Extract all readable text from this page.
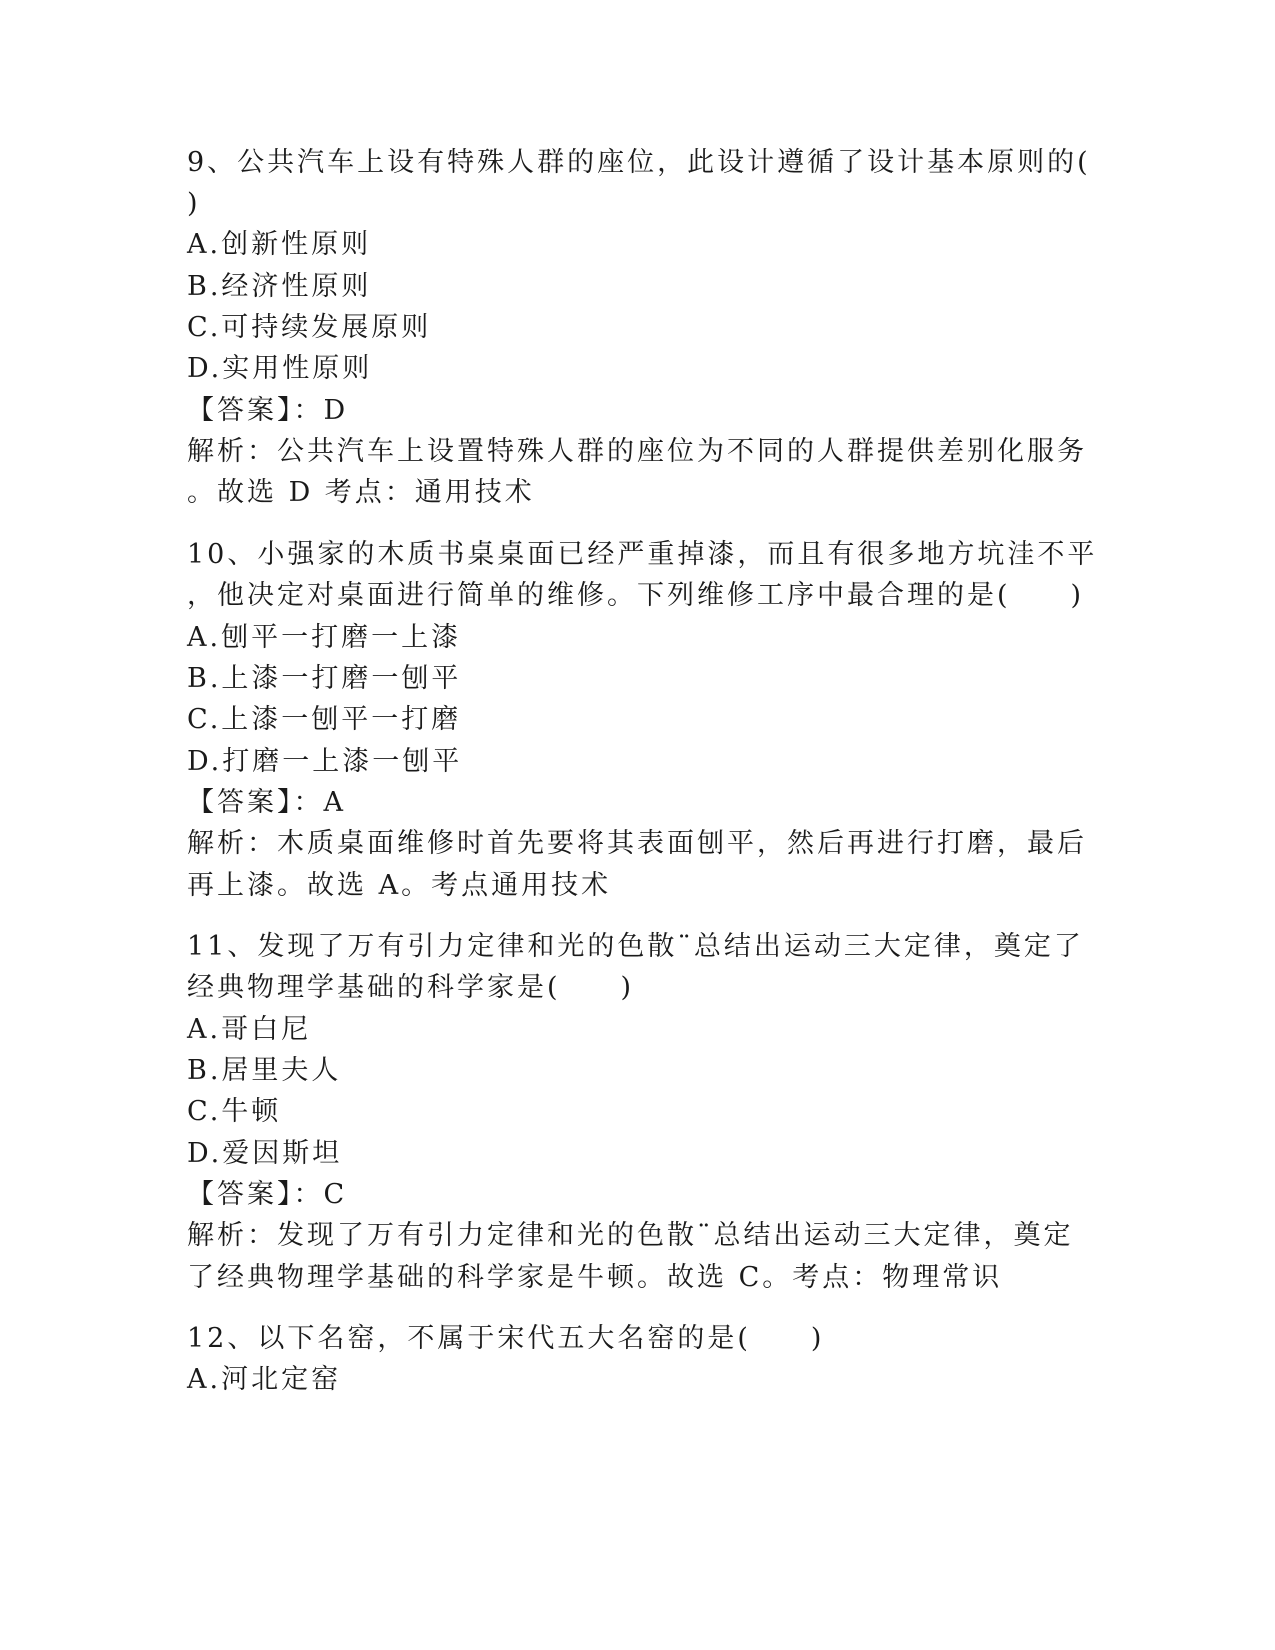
9、公共汽车上设有特殊人群的座位，此设计遵循了设计基本原则的(
)
A.创新性原则
B.经济性原则
C.可持续发展原则
D.实用性原则
【答案】：D
解析：公共汽车上设置特殊人群的座位为不同的人群提供差别化服务
。故选 D 考点：通用技术
10、小强家的木质书桌桌面已经严重掉漆，而且有很多地方坑洼不平
，他决定对桌面进行简单的维修。下列维修工序中最合理的是(　　)
A.刨平一打磨一上漆
B.上漆一打磨一刨平
C.上漆一刨平一打磨
D.打磨一上漆一刨平
【答案】：A
解析：木质桌面维修时首先要将其表面刨平，然后再进行打磨，最后
再上漆。故选 A。考点通用技术
11、发现了万有引力定律和光的色散¨总结出运动三大定律，奠定了
经典物理学基础的科学家是(　　)
A.哥白尼
B.居里夫人
C.牛顿
D.爱因斯坦
【答案】：C
解析：发现了万有引力定律和光的色散¨总结出运动三大定律，奠定
了经典物理学基础的科学家是牛顿。故选 C。考点：物理常识
12、以下名窑，不属于宋代五大名窑的是(　　)
A.河北定窑
